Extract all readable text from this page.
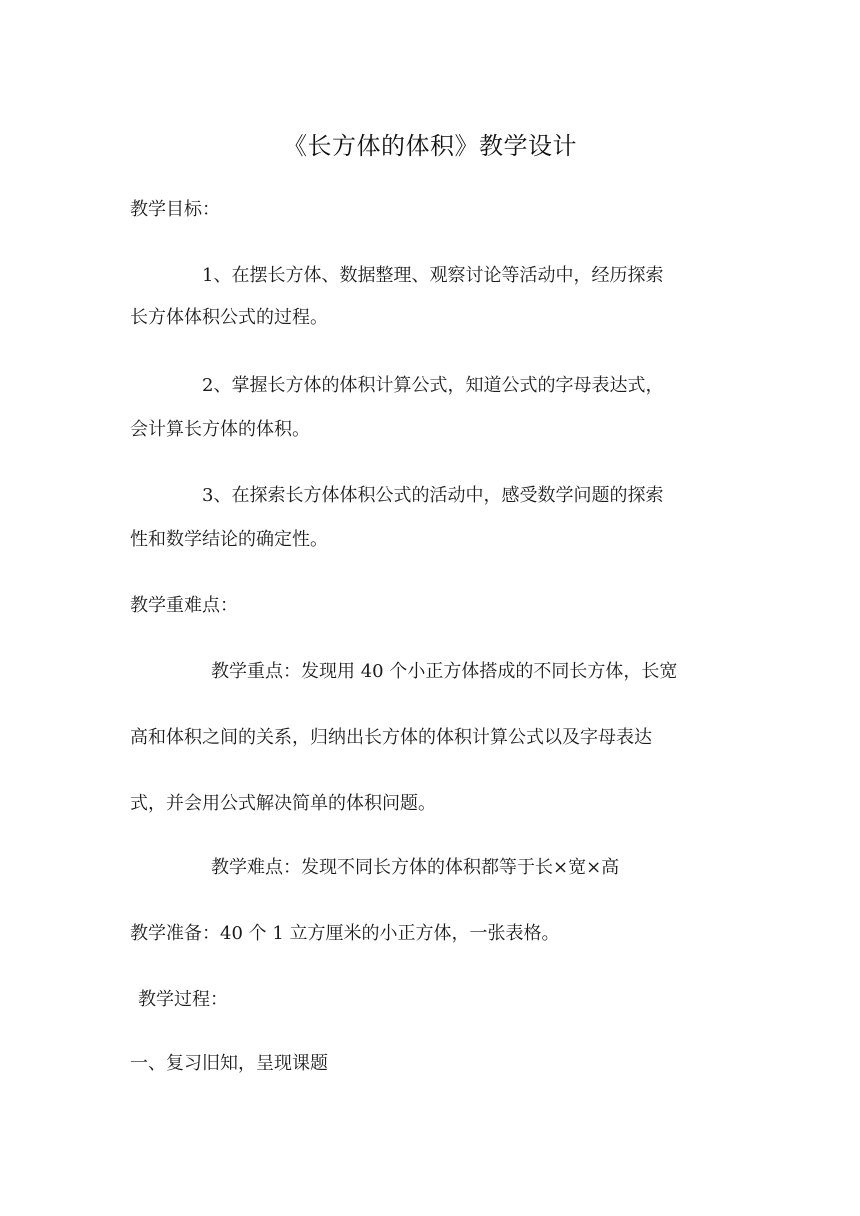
《长方体的体积》教学设计
教学目标：
1、在摆长方体、数据整理、观察讨论等活动中，经历探索
长方体体积公式的过程。
2、掌握长方体的体积计算公式，知道公式的字母表达式，
会计算长方体的体积。
3、在探索长方体体积公式的活动中，感受数学问题的探索
性和数学结论的确定性。
教学重难点：
教学重点：发现用 40 个小正方体搭成的不同长方体，长宽
高和体积之间的关系，归纳出长方体的体积计算公式以及字母表达
式，并会用公式解决简单的体积问题。
教学难点：发现不同长方体的体积都等于长×宽×高
教学准备：40 个 1 立方厘米的小正方体，一张表格。
教学过程：
一、复习旧知，呈现课题
